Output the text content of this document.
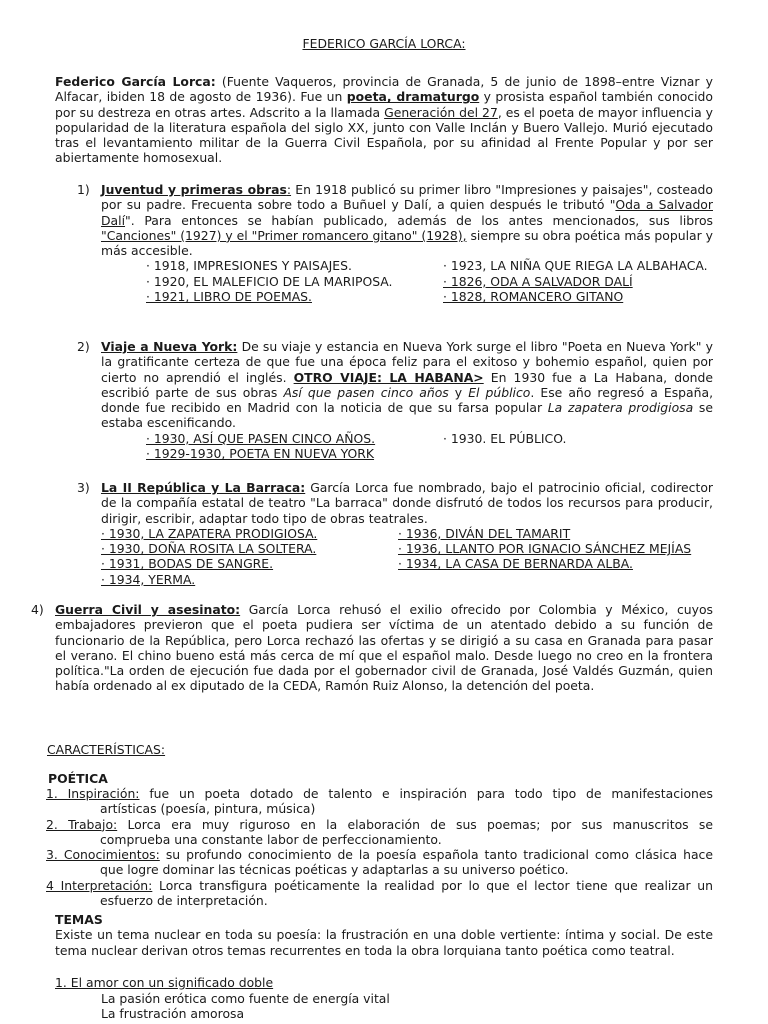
FEDERICO GARCÍA LORCA:
Federico García Lorca: (Fuente Vaqueros, provincia de Granada, 5 de junio de 1898–entre Viznar y Alfacar, ibiden 18 de agosto de 1936). Fue un poeta, dramaturgo y prosista español también conocido por su destreza en otras artes. Adscrito a la llamada Generación del 27, es el poeta de mayor influencia y popularidad de la literatura española del siglo XX, junto con Valle Inclán y Buero Vallejo. Murió ejecutado tras el levantamiento militar de la Guerra Civil Española, por su afinidad al Frente Popular y por ser abiertamente homosexual.
1) Juventud y primeras obras: En 1918 publicó su primer libro "Impresiones y paisajes", costeado por su padre. Frecuenta sobre todo a Buñuel y Dalí, a quien después le tributó "Oda a Salvador Dalí". Para entonces se habían publicado, además de los antes mencionados, sus libros "Canciones" (1927) y el "Primer romancero gitano" (1928), siempre su obra poética más popular y más accesible.
· 1918, IMPRESIONES Y PAISAJES.
· 1920, EL MALEFICIO DE LA MARIPOSA.
· 1921, LIBRO DE POEMAS.
· 1923, LA NIÑA QUE RIEGA LA ALBAHACA.
· 1826, ODA A SALVADOR DALÍ
· 1828, ROMANCERO GITANO
2) Viaje a Nueva York: De su viaje y estancia en Nueva York surge el libro "Poeta en Nueva York" y la gratificante certeza de que fue una época feliz para el exitoso y bohemio español, quien por cierto no aprendió el inglés. OTRO VIAJE: LA HABANA> En 1930 fue a La Habana, donde escribió parte de sus obras Así que pasen cinco años y El público. Ese año regresó a España, donde fue recibido en Madrid con la noticia de que su farsa popular La zapatera prodigiosa se estaba escenificando.
· 1930, ASÍ QUE PASEN CINCO AÑOS.
· 1929-1930, POETA EN NUEVA YORK
· 1930. EL PÚBLICO.
3) La II República y La Barraca: García Lorca fue nombrado, bajo el patrocinio oficial, codirector de la compañía estatal de teatro "La barraca" donde disfrutó de todos los recursos para producir, dirigir, escribir, adaptar todo tipo de obras teatrales.
· 1930, LA ZAPATERA PRODIGIOSA.
· 1930, DOÑA ROSITA LA SOLTERA.
· 1931, BODAS DE SANGRE.
· 1934, YERMA.
· 1936, DIVÁN DEL TAMARIT
· 1936, LLANTO POR IGNACIO SÁNCHEZ MEJÍAS
· 1934, LA CASA DE BERNARDA ALBA.
4) Guerra Civil y asesinato: García Lorca rehusó el exilio ofrecido por Colombia y México, cuyos embajadores previeron que el poeta pudiera ser víctima de un atentado debido a su función de funcionario de la República, pero Lorca rechazó las ofertas y se dirigió a su casa en Granada para pasar el verano. El chino bueno está más cerca de mí que el español malo. Desde luego no creo en la frontera política."La orden de ejecución fue dada por el gobernador civil de Granada, José Valdés Guzmán, quien había ordenado al ex diputado de la CEDA, Ramón Ruiz Alonso, la detención del poeta.
CARACTERÍSTICAS:
POÉTICA
1. Inspiración: fue un poeta dotado de talento e inspiración para todo tipo de manifestaciones
artísticas (poesía, pintura, música)
2. Trabajo: Lorca era muy riguroso en la elaboración de sus poemas; por sus manuscritos se
comprueba una constante labor de perfeccionamiento.
3. Conocimientos: su profundo conocimiento de la poesía española tanto tradicional como clásica hace
que logre dominar las técnicas poéticas y adaptarlas a su universo poético.
4 Interpretación: Lorca transfigura poéticamente la realidad por lo que el lector tiene que realizar un
esfuerzo de interpretación.
TEMAS
Existe un tema nuclear en toda su poesía: la frustración en una doble vertiente: íntima y social. De este tema nuclear derivan otros temas recurrentes en toda la obra lorquiana tanto poética como teatral.
1. El amor con un significado doble
La pasión erótica como fuente de energía vital
La frustración amorosa
